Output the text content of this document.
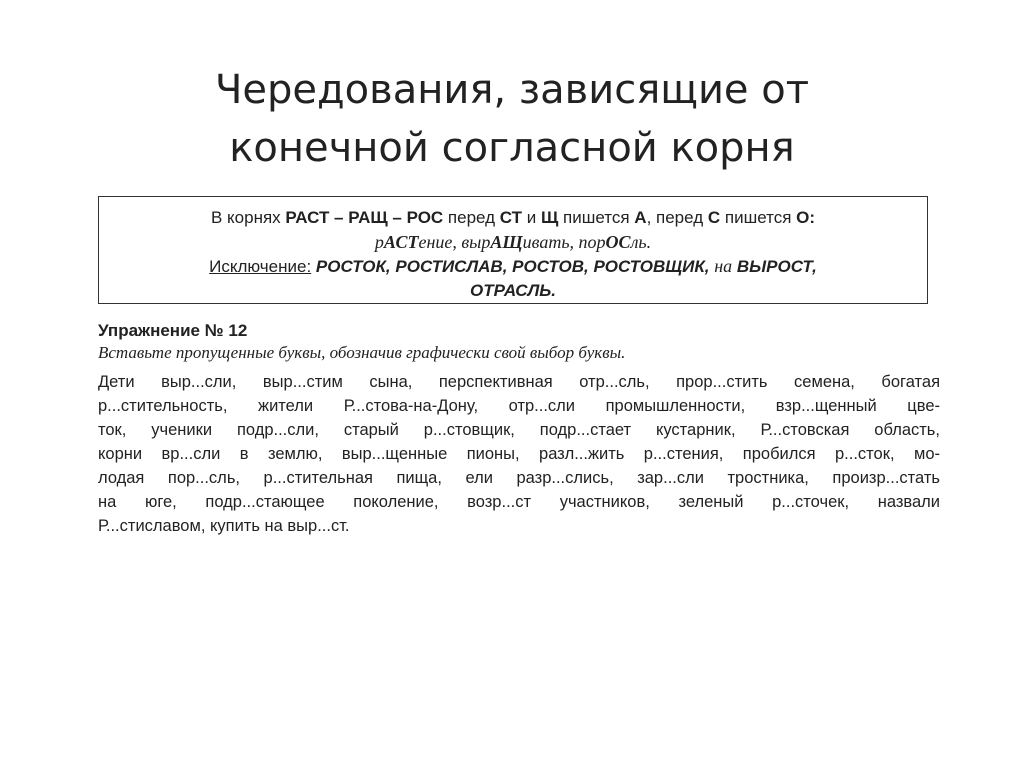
Чередования, зависящие от
конечной согласной корня
В корнях РАСТ – РАЩ – РОС перед СТ и Щ пишется А, перед С пишется О:
рАСТение, вырАЩивать, порОСль.
Исключение: РОСТОК, РОСТИСЛАВ, РОСТОВ, РОСТОВЩИК, на ВЫРОСТ,
ОТРАСЛЬ.
Упражнение № 12
Вставьте пропущенные буквы, обозначив графически свой выбор буквы.
Дети выр...сли, выр...стим сына, перспективная отр...сль, прор...стить семена, богатая
р...стительность, жители Р...стова-на-Дону, отр...сли промышленности, взр...щенный цве-
ток, ученики подр...сли, старый р...стовщик, подр...стает кустарник, Р...стовская область,
корни вр...сли в землю, выр...щенные пионы, разл...жить р...стения, пробился р...сток, мо-
лодая пор...сль, р...стительная пища, ели разр...слись, зар...сли тростника, произр...стать
на юге, подр...стающее поколение, возр...ст участников, зеленый р...сточек, назвали
Р...стиславом, купить на выр...ст.
